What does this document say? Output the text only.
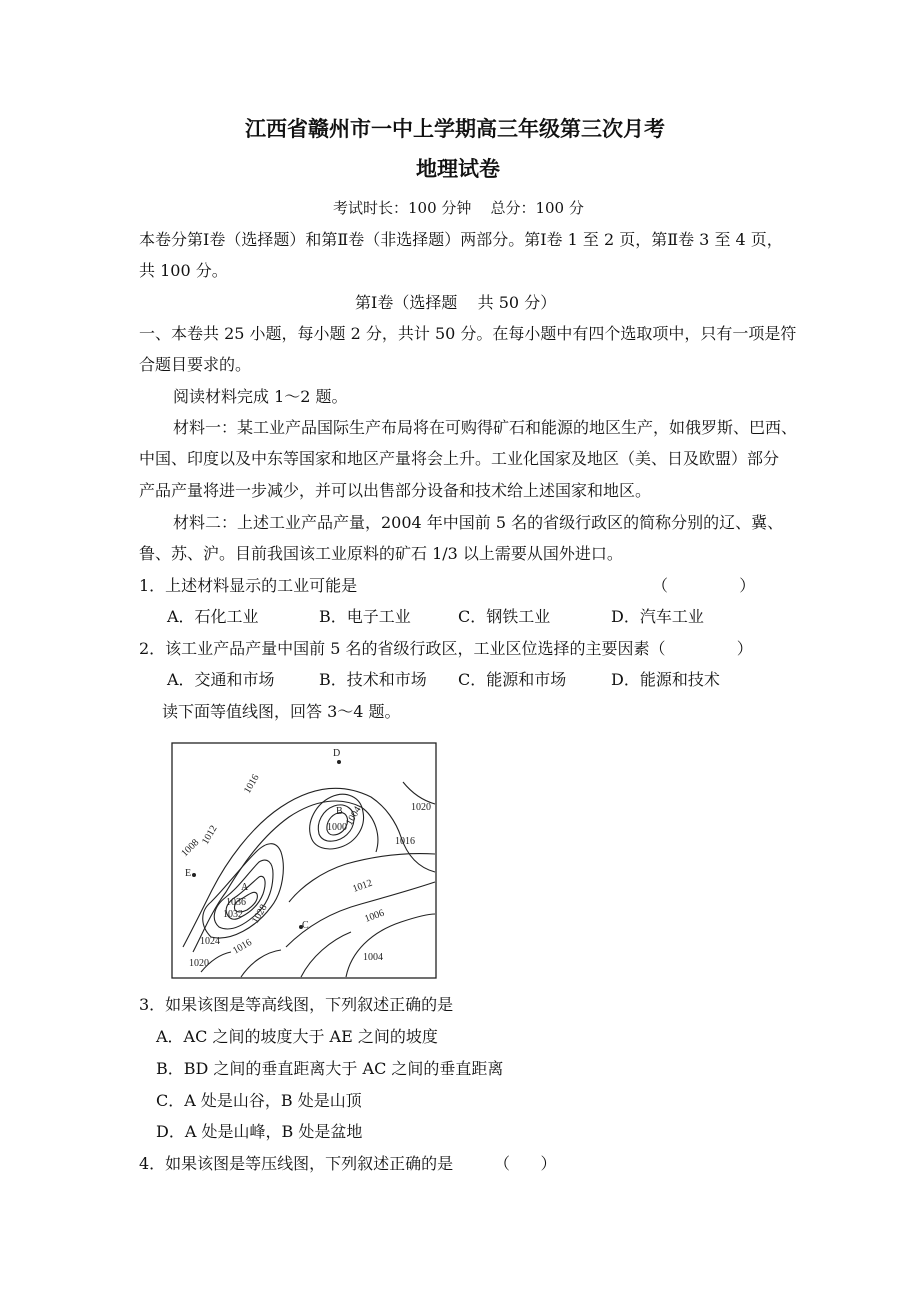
江西省赣州市一中上学期高三年级第三次月考
地理试卷
考试时长：100 分钟    总分：100 分
本卷分第Ⅰ卷（选择题）和第Ⅱ卷（非选择题）两部分。第Ⅰ卷 1 至 2 页，第Ⅱ卷 3 至 4 页，
共 100 分。
第Ⅰ卷（选择题    共 50 分）
一、本卷共 25 小题，每小题 2 分，共计 50 分。在每小题中有四个选取项中，只有一项是符
合题目要求的。
阅读材料完成 1～2 题。
材料一：某工业产品国际生产布局将在可购得矿石和能源的地区生产，如俄罗斯、巴西、
中国、印度以及中东等国家和地区产量将会上升。工业化国家及地区（美、日及欧盟）部分
产品产量将进一步减少，并可以出售部分设备和技术给上述国家和地区。
材料二：上述工业产品产量，2004 年中国前 5 名的省级行政区的简称分别的辽、冀、
鲁、苏、沪。目前我国该工业原料的矿石 1/3 以上需要从国外进口。
1．上述材料显示的工业可能是	（              ）
A．石化工业	B．电子工业	C．钢铁工业	D．汽车工业
2．该工业产品产量中国前 5 名的省级行政区，工业区位选择的主要因素（              ）
A．交通和市场	B．技术和市场 C．能源和市场	D．能源和技术
读下面等值线图，回答 3～4 题。
A
B
C
D
E
1016
1020
1012
1008
1004
1000
1036
1032 1028
1024
1020
1016
1012
1006
1004
1016
3．如果该图是等高线图，下列叙述正确的是
A．AC 之间的坡度大于 AE 之间的坡度
B．BD 之间的垂直距离大于 AC 之间的垂直距离
C．A 处是山谷，B 处是山顶
D．A 处是山峰，B 处是盆地
4．如果该图是等压线图，下列叙述正确的是	（      ）
